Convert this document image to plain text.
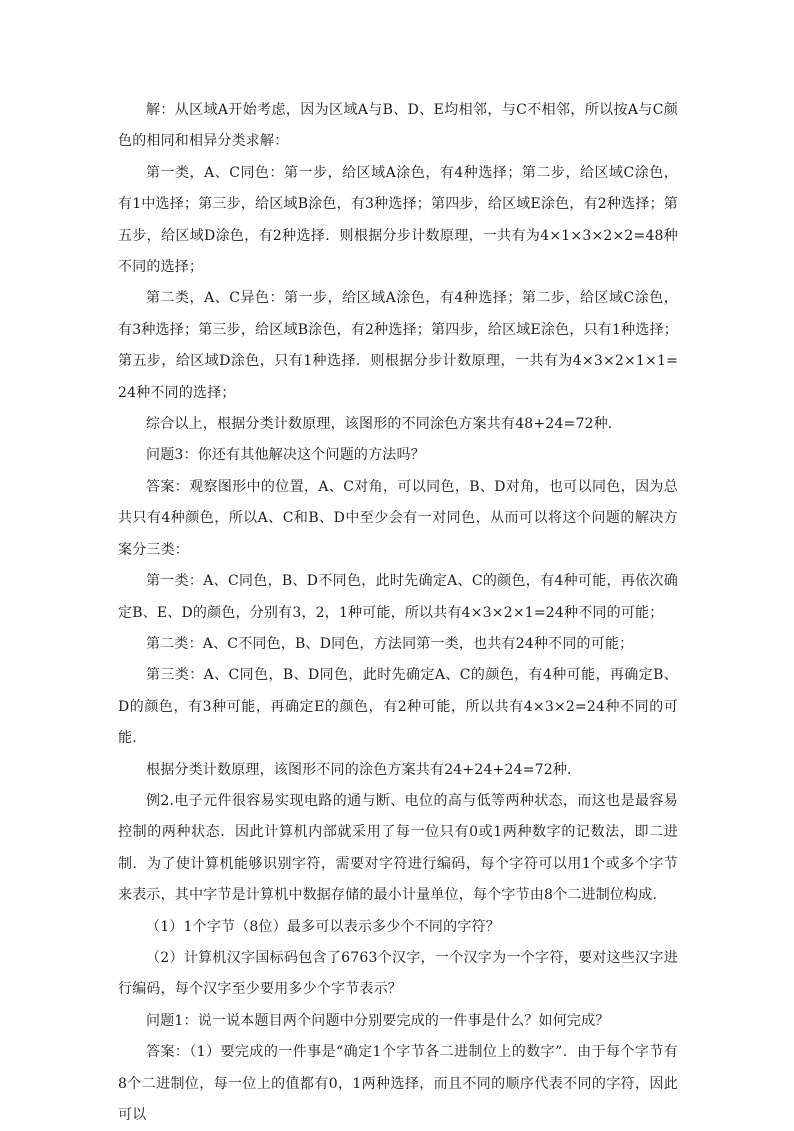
解：从区域A开始考虑，因为区域A与B、D、E均相邻，与C不相邻，所以按A与C颜色的相同和相异分类求解：

第一类，A、C同色：第一步，给区域A涂色，有4种选择；第二步，给区域C涂色，有1中选择；第三步，给区域B涂色，有3种选择；第四步，给区域E涂色，有2种选择；第五步，给区域D涂色，有2种选择．则根据分步计数原理，一共有为4×1×3×2×2=48种不同的选择；

第二类，A、C异色：第一步，给区域A涂色，有4种选择；第二步，给区域C涂色，有3种选择；第三步，给区域B涂色，有2种选择；第四步，给区域E涂色，只有1种选择；第五步，给区域D涂色，只有1种选择．则根据分步计数原理，一共有为4×3×2×1×1=24种不同的选择；

综合以上，根据分类计数原理，该图形的不同涂色方案共有48+24=72种．

问题3：你还有其他解决这个问题的方法吗？

答案：观察图形中的位置，A、C对角，可以同色，B、D对角，也可以同色，因为总共只有4种颜色，所以A、C和B、D中至少会有一对同色，从而可以将这个问题的解决方案分三类：

第一类：A、C同色，B、D不同色，此时先确定A、C的颜色，有4种可能，再依次确定B、E、D的颜色，分别有3，2，1种可能，所以共有4×3×2×1=24种不同的可能；

第二类：A、C不同色，B、D同色，方法同第一类，也共有24种不同的可能；

第三类：A、C同色，B、D同色，此时先确定A、C的颜色，有4种可能，再确定B、D的颜色，有3种可能，再确定E的颜色，有2种可能，所以共有4×3×2=24种不同的可能．

根据分类计数原理，该图形不同的涂色方案共有24+24+24=72种．

例2.电子元件很容易实现电路的通与断、电位的高与低等两种状态，而这也是最容易控制的两种状态．因此计算机内部就采用了每一位只有0或1两种数字的记数法，即二进制．为了使计算机能够识别字符，需要对字符进行编码，每个字符可以用1个或多个字节来表示，其中字节是计算机中数据存储的最小计量单位，每个字节由8个二进制位构成．

（1）1个字节（8位）最多可以表示多少个不同的字符？

（2）计算机汉字国标码包含了6763个汉字，一个汉字为一个字符，要对这些汉字进行编码，每个汉字至少要用多少个字节表示？

问题1：说一说本题目两个问题中分别要完成的一件事是什么？如何完成？

答案：（1）要完成的一件事是“确定1个字节各二进制位上的数字”．由于每个字节有8个二进制位，每一位上的值都有0，1两种选择，而且不同的顺序代表不同的字符，因此可以
